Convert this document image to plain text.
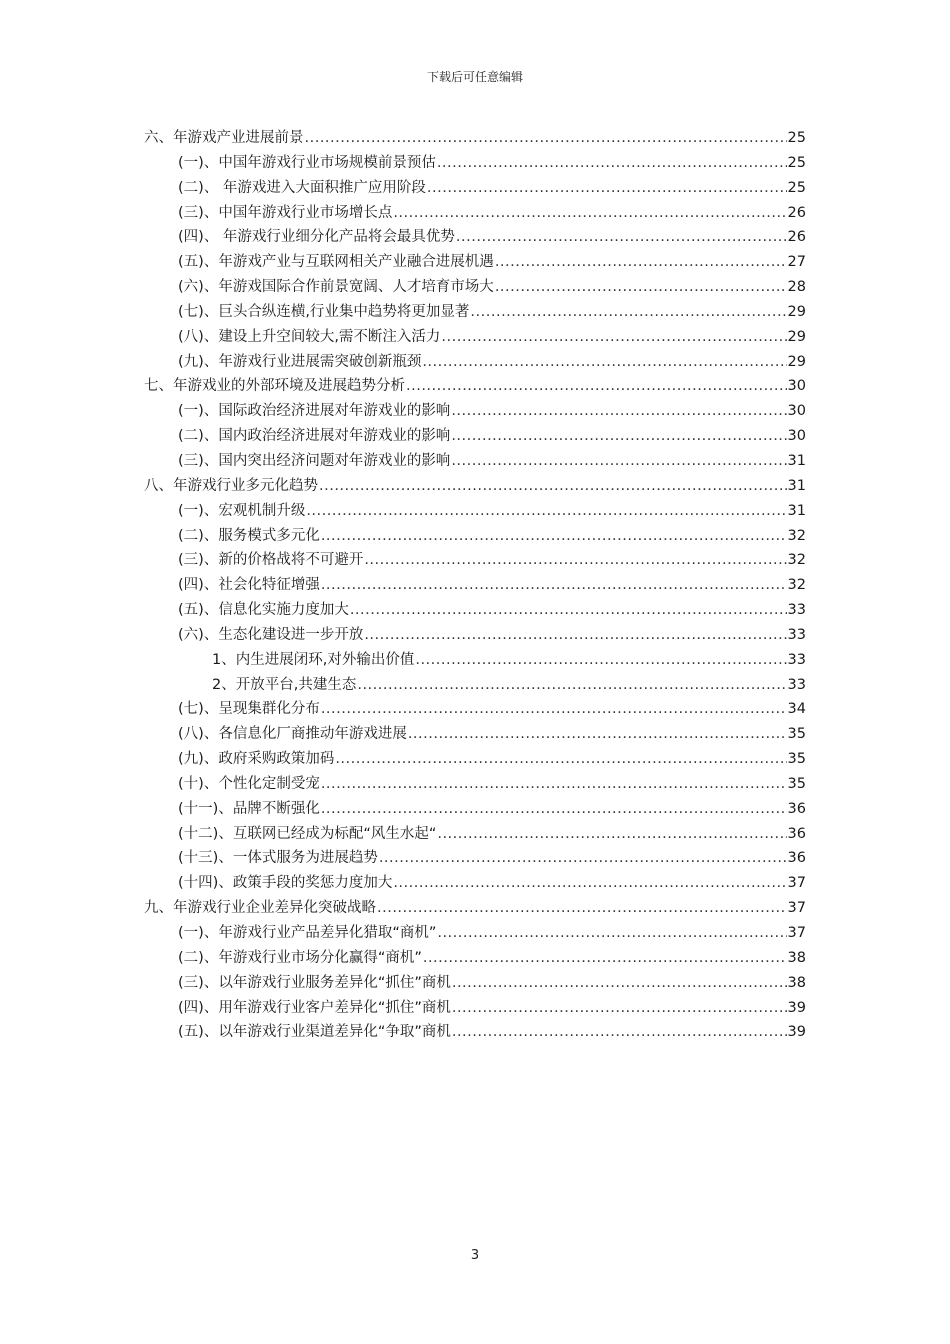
下载后可任意编辑
六、年游戏产业进展前景 .....	25
(一)、中国年游戏行业市场规模前景预估 .....	25
(二)、 年游戏进入大面积推广应用阶段 .....	25
(三)、中国年游戏行业市场增长点 .....	26
(四)、 年游戏行业细分化产品将会最具优势 .....	26
(五)、年游戏产业与互联网相关产业融合进展机遇 .....	27
(六)、年游戏国际合作前景宽阔、人才培育市场大 .....	28
(七)、巨头合纵连横,行业集中趋势将更加显著 .....	29
(八)、建设上升空间较大,需不断注入活力 .....	29
(九)、年游戏行业进展需突破创新瓶颈 .....	29
七、年游戏业的外部环境及进展趋势分析 .....	30
(一)、国际政治经济进展对年游戏业的影响 .....	30
(二)、国内政治经济进展对年游戏业的影响 .....	30
(三)、国内突出经济问题对年游戏业的影响 .....	31
八、年游戏行业多元化趋势 .....	31
(一)、宏观机制升级 .....	31
(二)、服务模式多元化 .....	32
(三)、新的价格战将不可避开 .....	32
(四)、社会化特征增强 .....	32
(五)、信息化实施力度加大 .....	33
(六)、生态化建设进一步开放 .....	33
1、内生进展闭环,对外输出价值 .....	33
2、开放平台,共建生态 .....	33
(七)、呈现集群化分布 .....	34
(八)、各信息化厂商推动年游戏进展 .....	35
(九)、政府采购政策加码 .....	35
(十)、个性化定制受宠 .....	35
(十一)、品牌不断强化 .....	36
(十二)、互联网已经成为标配“风生水起“ .....	36
(十三)、一体式服务为进展趋势 .....	36
(十四)、政策手段的奖惩力度加大 .....	37
九、年游戏行业企业差异化突破战略 .....	37
(一)、年游戏行业产品差异化猎取“商机” .....	37
(二)、年游戏行业市场分化赢得“商机” .....	38
(三)、以年游戏行业服务差异化“抓住”商机 .....	38
(四)、用年游戏行业客户差异化“抓住”商机 .....	39
(五)、以年游戏行业渠道差异化“争取”商机 .....	39
3
